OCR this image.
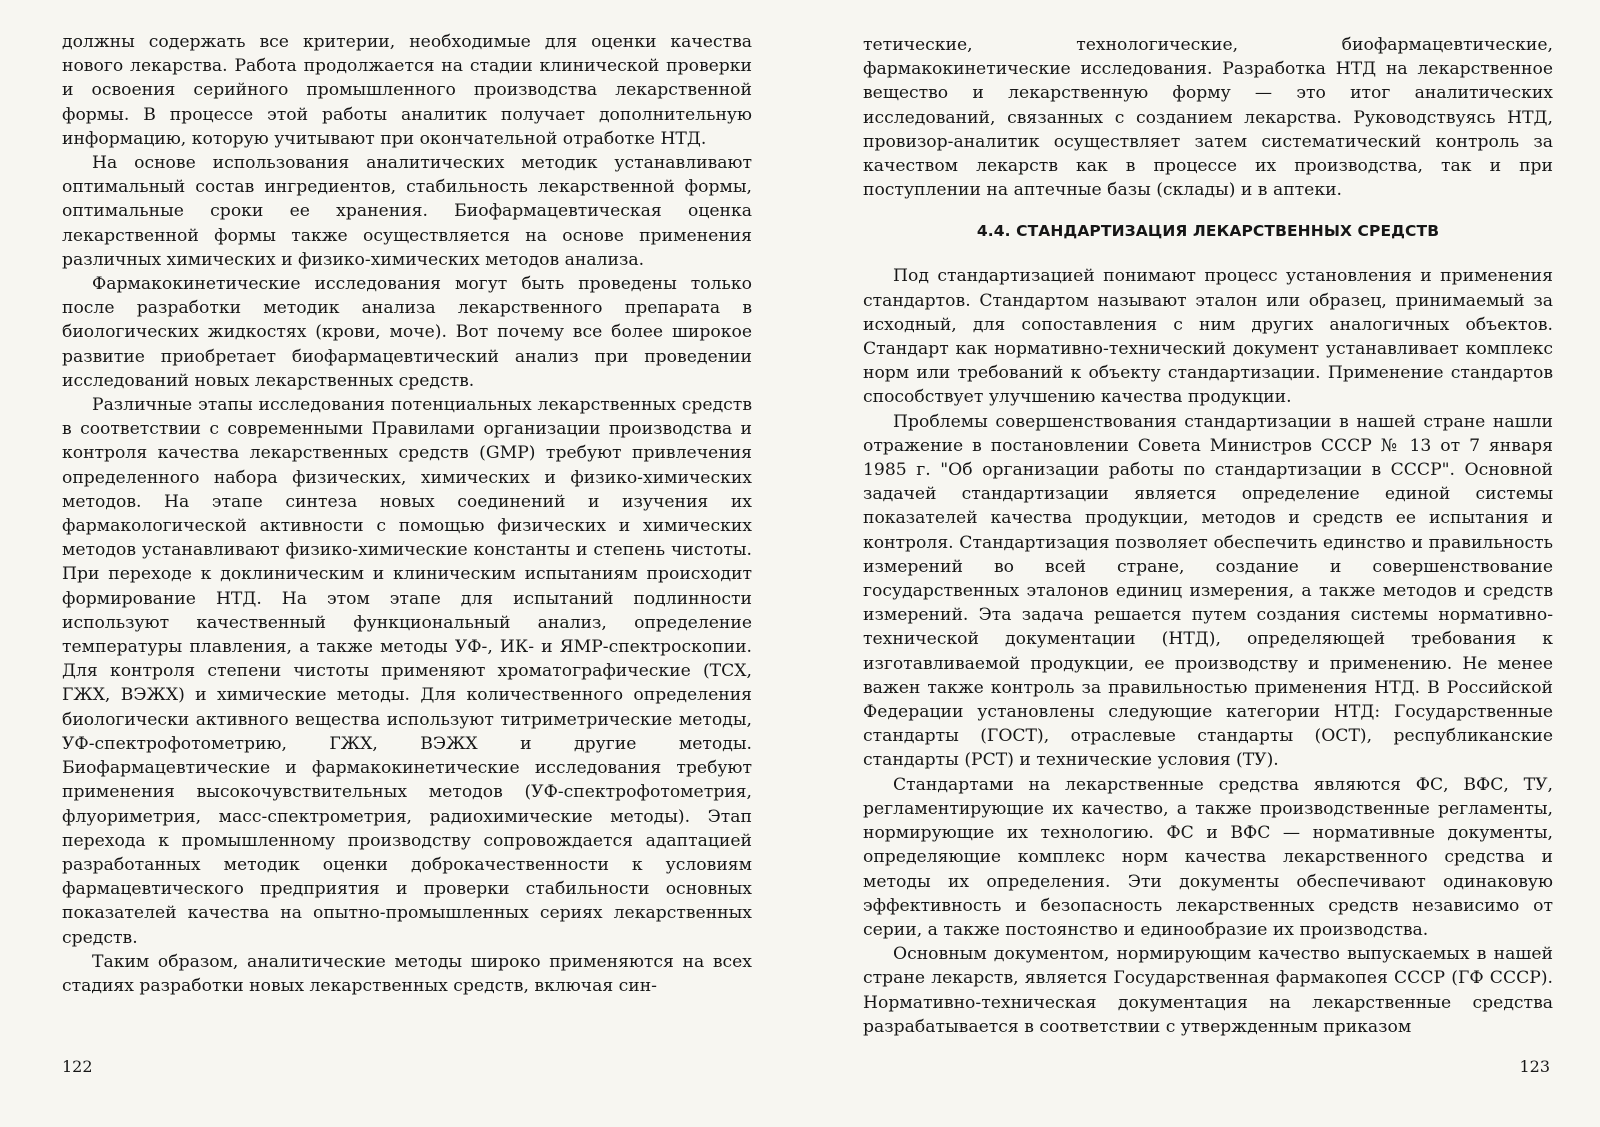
должны содержать все критерии, необходимые для оценки качества нового лекарства. Работа продолжается на стадии клинической проверки и освоения серийного промышленного производства лекарственной формы. В процессе этой работы аналитик получает дополнительную информацию, которую учитывают при окончательной отработке НТД.

На основе использования аналитических методик устанавливают оптимальный состав ингредиентов, стабильность лекарственной формы, оптимальные сроки ее хранения. Биофармацевтическая оценка лекарственной формы также осуществляется на основе применения различных химических и физико-химических методов анализа.

Фармакокинетические исследования могут быть проведены только после разработки методик анализа лекарственного препарата в биологических жидкостях (крови, моче). Вот почему все более широкое развитие приобретает биофармацевтический анализ при проведении исследований новых лекарственных средств.

Различные этапы исследования потенциальных лекарственных средств в соответствии с современными Правилами организации производства и контроля качества лекарственных средств (GMP) требуют привлечения определенного набора физических, химических и физико-химических методов. На этапе синтеза новых соединений и изучения их фармакологической активности с помощью физических и химических методов устанавливают физико-химические константы и степень чистоты. При переходе к доклиническим и клиническим испытаниям происходит формирование НТД. На этом этапе для испытаний подлинности используют качественный функциональный анализ, определение температуры плавления, а также методы УФ-, ИК- и ЯМР-спектроскопии. Для контроля степени чистоты применяют хроматографические (ТСХ, ГЖХ, ВЭЖХ) и химические методы. Для количественного определения биологически активного вещества используют титриметрические методы, УФ-спектрофотометрию, ГЖХ, ВЭЖХ и другие методы. Биофармацевтические и фармакокинетические исследования требуют применения высокочувствительных методов (УФ-спектрофотометрия, флуориметрия, масс-спектрометрия, радиохимические методы). Этап перехода к промышленному производству сопровождается адаптацией разработанных методик оценки доброкачественности к условиям фармацевтического предприятия и проверки стабильности основных показателей качества на опытно-промышленных сериях лекарственных средств.

Таким образом, аналитические методы широко применяются на всех стадиях разработки новых лекарственных средств, включая син-

122

тетические, технологические, биофармацевтические, фармакокинетические исследования. Разработка НТД на лекарственное вещество и лекарственную форму — это итог аналитических исследований, связанных с созданием лекарства. Руководствуясь НТД, провизор-аналитик осуществляет затем систематический контроль за качеством лекарств как в процессе их производства, так и при поступлении на аптечные базы (склады) и в аптеки.

4.4. СТАНДАРТИЗАЦИЯ ЛЕКАРСТВЕННЫХ СРЕДСТВ

Под стандартизацией понимают процесс установления и применения стандартов. Стандартом называют эталон или образец, принимаемый за исходный, для сопоставления с ним других аналогичных объектов. Стандарт как нормативно-технический документ устанавливает комплекс норм или требований к объекту стандартизации. Применение стандартов способствует улучшению качества продукции.

Проблемы совершенствования стандартизации в нашей стране нашли отражение в постановлении Совета Министров СССР № 13 от 7 января 1985 г. "Об организации работы по стандартизации в СССР". Основной задачей стандартизации является определение единой системы показателей качества продукции, методов и средств ее испытания и контроля. Стандартизация позволяет обеспечить единство и правильность измерений во всей стране, создание и совершенствование государственных эталонов единиц измерения, а также методов и средств измерений. Эта задача решается путем создания системы нормативно-технической документации (НТД), определяющей требования к изготавливаемой продукции, ее производству и применению. Не менее важен также контроль за правильностью применения НТД. В Российской Федерации установлены следующие категории НТД: Государственные стандарты (ГОСТ), отраслевые стандарты (ОСТ), республиканские стандарты (РСТ) и технические условия (ТУ).

Стандартами на лекарственные средства являются ФС, ВФС, ТУ, регламентирующие их качество, а также производственные регламенты, нормирующие их технологию. ФС и ВФС — нормативные документы, определяющие комплекс норм качества лекарственного средства и методы их определения. Эти документы обеспечивают одинаковую эффективность и безопасность лекарственных средств независимо от серии, а также постоянство и единообразие их производства.

Основным документом, нормирующим качество выпускаемых в нашей стране лекарств, является Государственная фармакопея СССР (ГФ СССР). Нормативно-техническая документация на лекарственные средства разрабатывается в соответствии с утвержденным приказом

123
